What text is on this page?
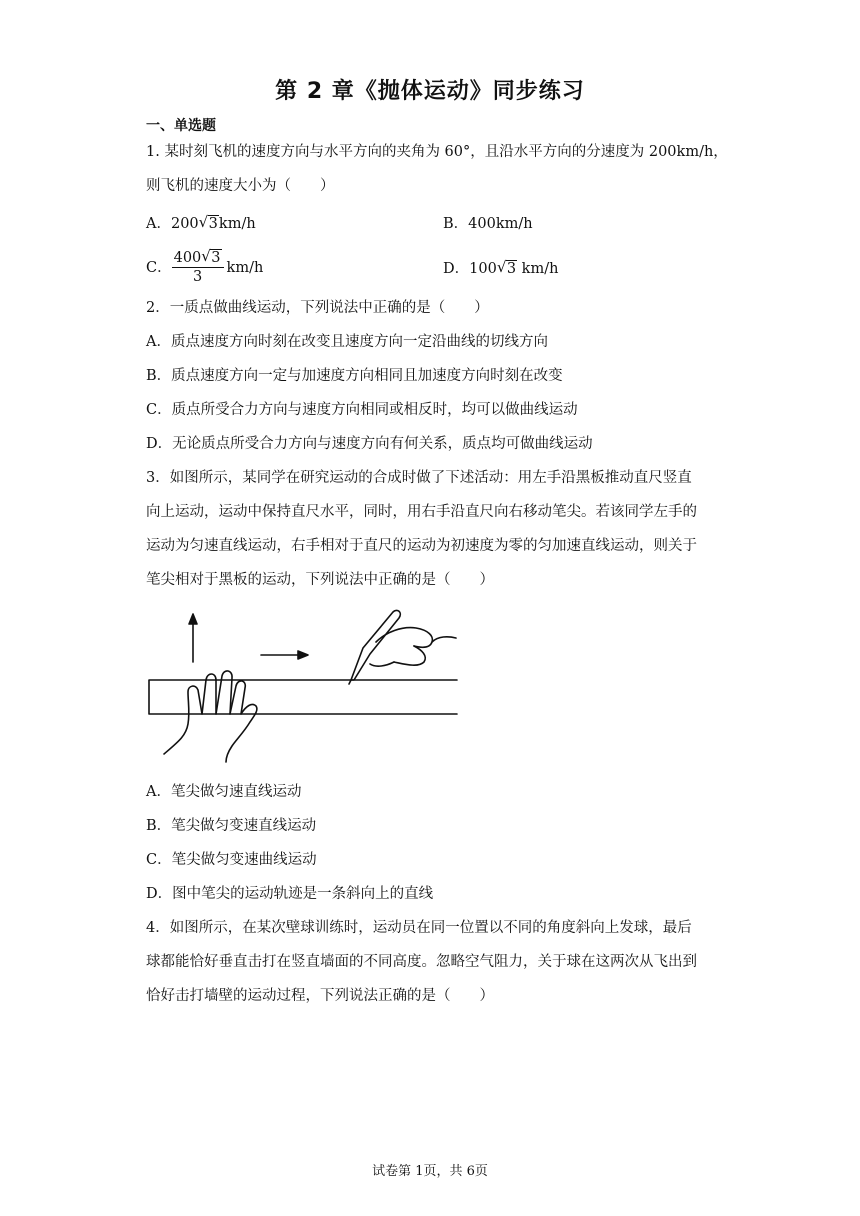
第 2 章《抛体运动》同步练习
一、单选题
1. 某时刻飞机的速度方向与水平方向的夹角为 60°，且沿水平方向的分速度为 200km/h，
则飞机的速度大小为（　　）
A．200 √ 3km/h	B．400km/h
C． $\frac{400 √ 3}{3} km/h$	D．100 √ 3 km/h
2．一质点做曲线运动，下列说法中正确的是（　　）
A．质点速度方向时刻在改变且速度方向一定沿曲线的切线方向
B．质点速度方向一定与加速度方向相同且加速度方向时刻在改变
C．质点所受合力方向与速度方向相同或相反时，均可以做曲线运动
D．无论质点所受合力方向与速度方向有何关系，质点均可做曲线运动
3．如图所示，某同学在研究运动的合成时做了下述活动：用左手沿黑板推动直尺竖直
向上运动，运动中保持直尺水平，同时，用右手沿直尺向右移动笔尖。若该同学左手的
运动为匀速直线运动，右手相对于直尺的运动为初速度为零的匀加速直线运动，则关于
笔尖相对于黑板的运动，下列说法中正确的是（　　）
A．笔尖做匀速直线运动
B．笔尖做匀变速直线运动
C．笔尖做匀变速曲线运动
D．图中笔尖的运动轨迹是一条斜向上的直线
4．如图所示，在某次壁球训练时，运动员在同一位置以不同的角度斜向上发球，最后
球都能恰好垂直击打在竖直墙面的不同高度。忽略空气阻力，关于球在这两次从飞出到
恰好击打墙壁的运动过程，下列说法正确的是（　　）
试卷第 1页，共 6页
